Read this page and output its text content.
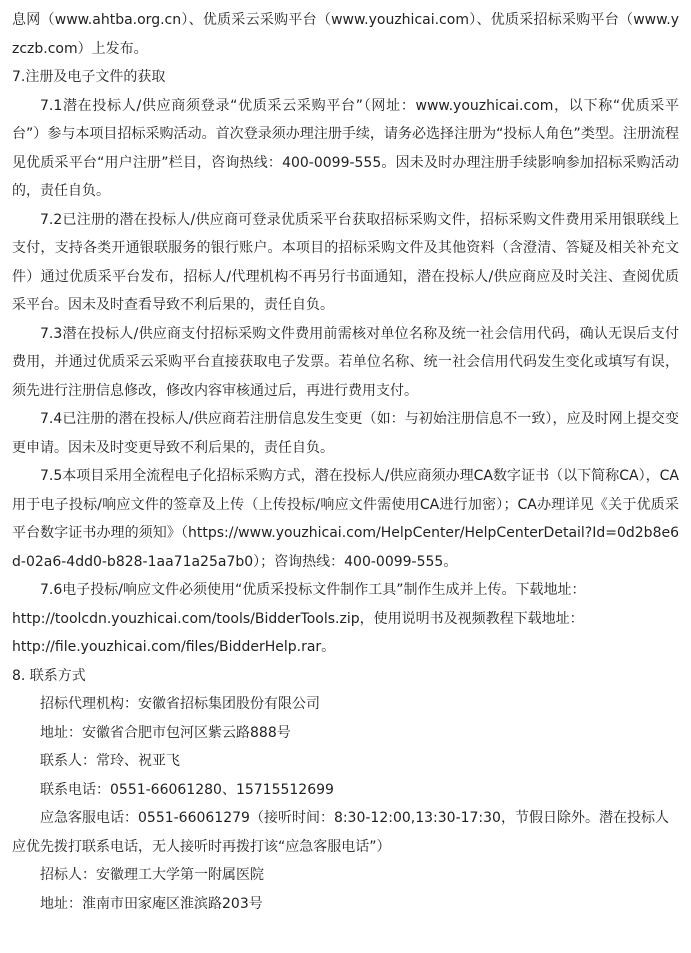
息网（www.ahtba.org.cn）、优质采云采购平台（www.youzhicai.com）、优质采招标采购平台（www.yzczb.com）上发布。

7.注册及电子文件的获取

7.1潜在投标人/供应商须登录“优质采云采购平台”（网址：www.youzhicai.com，以下称“优质采平台”）参与本项目招标采购活动。首次登录须办理注册手续，请务必选择注册为“投标人角色”类型。注册流程见优质采平台“用户注册”栏目，咨询热线：400-0099-555。因未及时办理注册手续影响参加招标采购活动的，责任自负。

7.2已注册的潜在投标人/供应商可登录优质采平台获取招标采购文件，招标采购文件费用采用银联线上支付，支持各类开通银联服务的银行账户。本项目的招标采购文件及其他资料（含澄清、答疑及相关补充文件）通过优质采平台发布，招标人/代理机构不再另行书面通知，潜在投标人/供应商应及时关注、查阅优质采平台。因未及时查看导致不利后果的，责任自负。

7.3潜在投标人/供应商支付招标采购文件费用前需核对单位名称及统一社会信用代码，确认无误后支付费用，并通过优质采云采购平台直接获取电子发票。若单位名称、统一社会信用代码发生变化或填写有误，须先进行注册信息修改，修改内容审核通过后，再进行费用支付。

7.4已注册的潜在投标人/供应商若注册信息发生变更（如：与初始注册信息不一致），应及时网上提交变更申请。因未及时变更导致不利后果的，责任自负。

7.5本项目采用全流程电子化招标采购方式，潜在投标人/供应商须办理CA数字证书（以下简称CA），CA用于电子投标/响应文件的签章及上传（上传投标/响应文件需使用CA进行加密）；CA办理详见《关于优质采平台数字证书办理的须知》（https://www.youzhicai.com/HelpCenter/HelpCenterDetail?Id=0d2b8e6d-02a6-4dd0-b828-1aa71a25a7b0）；咨询热线：400-0099-555。

7.6电子投标/响应文件必须使用“优质采投标文件制作工具”制作生成并上传。下载地址：

http://toolcdn.youzhicai.com/tools/BidderTools.zip，使用说明书及视频教程下载地址：

http://file.youzhicai.com/files/BidderHelp.rar。

8. 联系方式

招标代理机构：安徽省招标集团股份有限公司

地址：安徽省合肥市包河区紫云路888号

联系人：常玲、祝亚飞

联系电话：0551-66061280、15715512699

应急客服电话：0551-66061279（接听时间：8:30-12:00,13:30-17:30，节假日除外。潜在投标人应优先拨打联系电话，无人接听时再拨打该“应急客服电话”）

招标人：安徽理工大学第一附属医院

地址：淮南市田家庵区淮滨路203号
